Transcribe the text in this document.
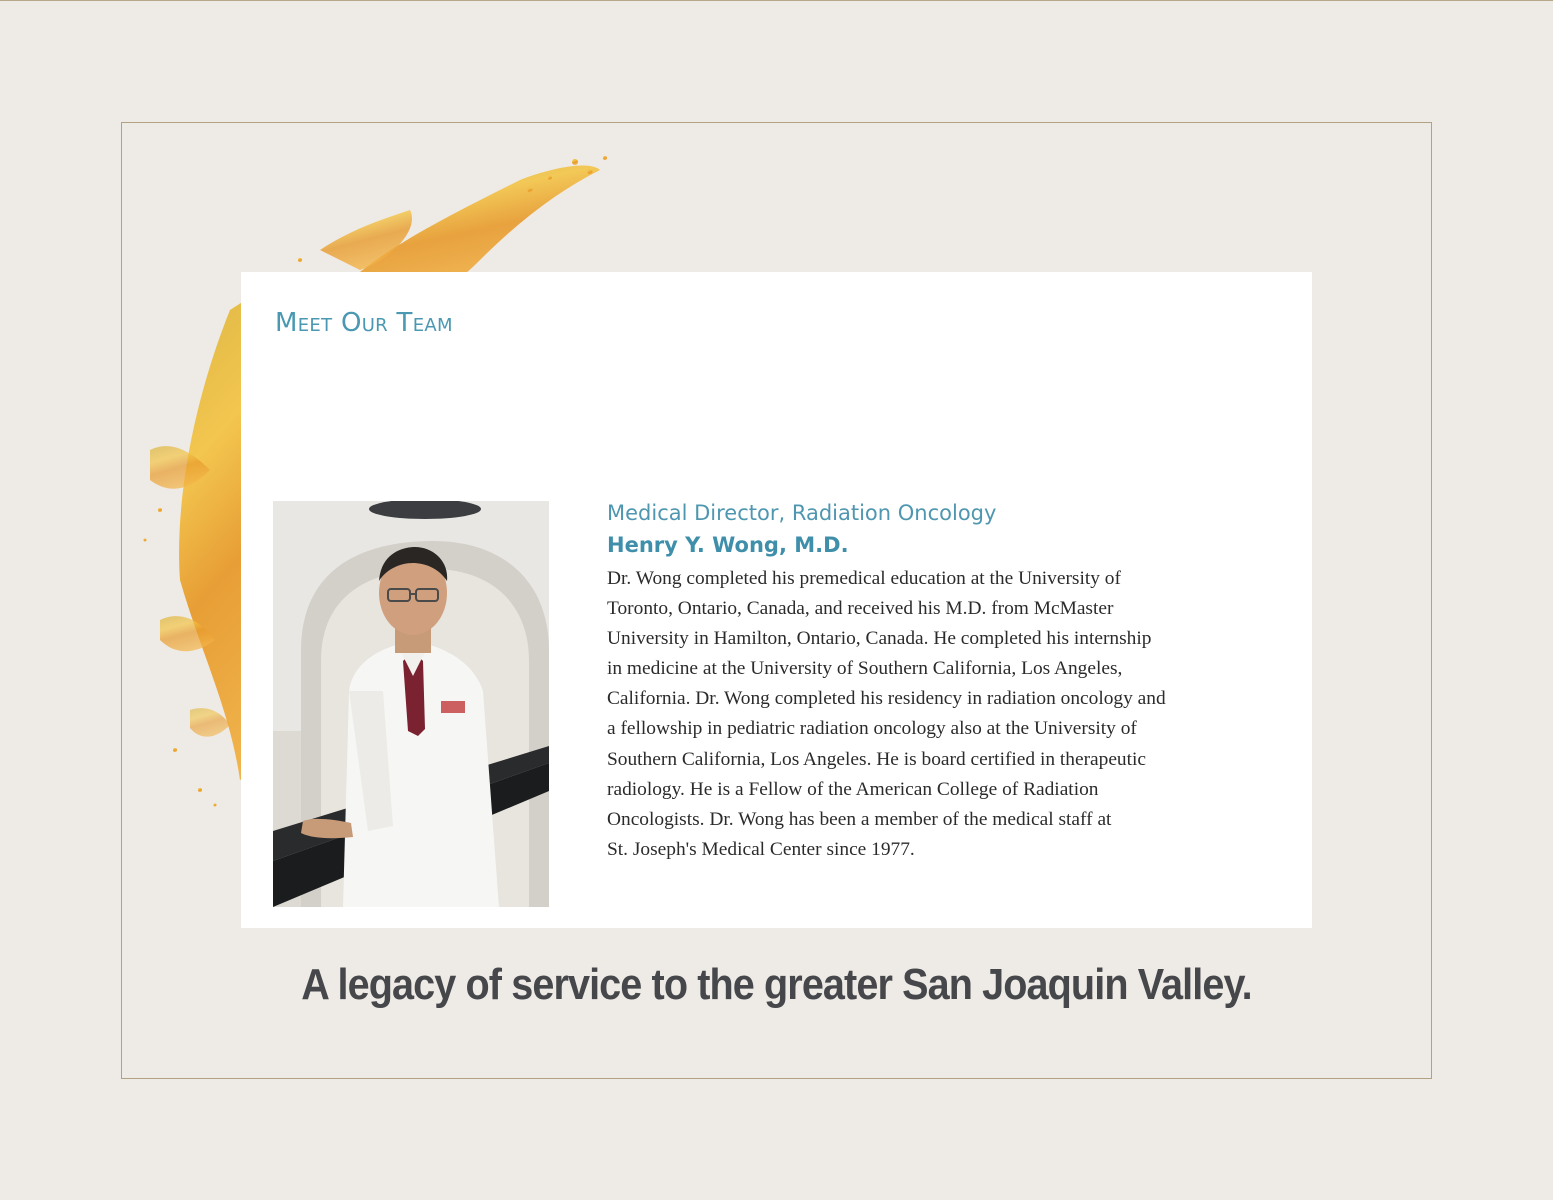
Meet Our Team
Medical Director, Radiation Oncology
Henry Y. Wong, M.D.
Dr. Wong completed his premedical education at the University of
Toronto, Ontario, Canada, and received his M.D. from McMaster
University in Hamilton, Ontario, Canada. He completed his internship
in medicine at the University of Southern California, Los Angeles,
California. Dr. Wong completed his residency in radiation oncology and
a fellowship in pediatric radiation oncology also at the University of
Southern California, Los Angeles. He is board certified in therapeutic
radiology. He is a Fellow of the American College of Radiation
Oncologists. Dr. Wong has been a member of the medical staff at
St. Joseph's Medical Center since 1977.

A legacy of service to the greater San Joaquin Valley.
